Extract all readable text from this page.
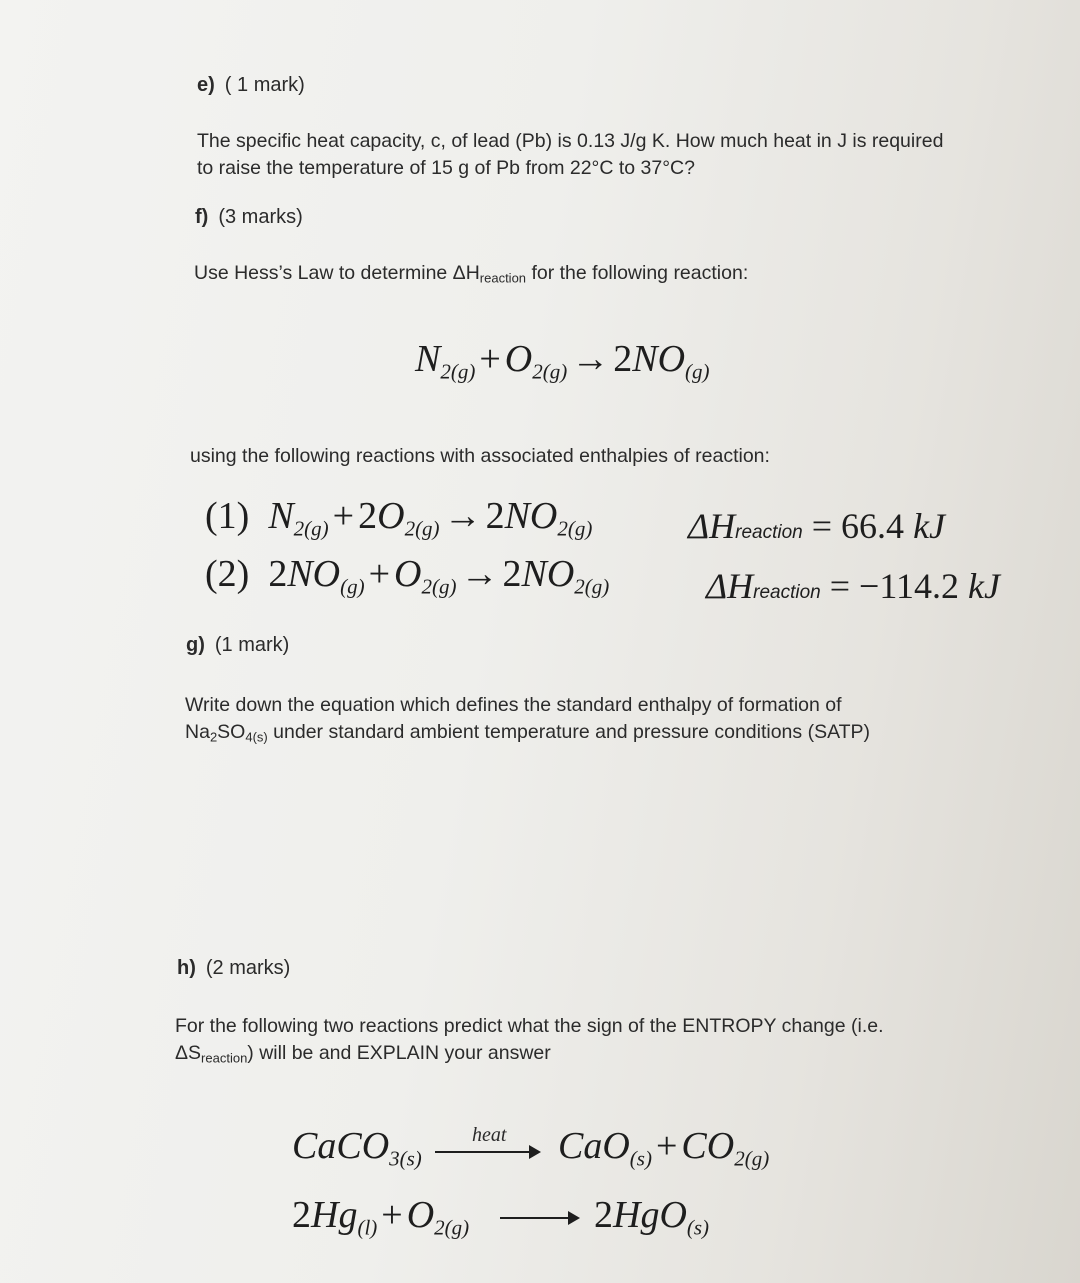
e) ( 1 mark)
The specific heat capacity, c, of lead (Pb) is 0.13 J/g K. How much heat in J is required
to raise the temperature of 15 g of Pb from 22°C to 37°C?
f) (3 marks)
Use Hess’s Law to determine ΔHreaction for the following reaction:
$N_{2(g)} + O_{2(g)} \to 2NO_{(g)}$
using the following reactions with associated enthalpies of reaction:
(1) $N_{2(g)} + 2O_{2(g)} \to 2NO_{2(g)}$	ΔHreaction = 66.4 kJ
(2) $2NO_{(g)} + O_{2(g)} \to 2NO_{2(g)}$	ΔHreaction = −114.2 kJ
g) (1 mark)
Write down the equation which defines the standard enthalpy of formation of
Na2SO4(s) under standard ambient temperature and pressure conditions (SATP)
h) (2 marks)
For the following two reactions predict what the sign of the ENTROPY change (i.e.
ΔSreaction) will be and EXPLAIN your answer
CaCO$_{3(s)}$
heat $CaO_{(s)} + CO_{2(g)}$
$2Hg_{(l)} + O_{2(g)}$	2HgO$_{(s)}$
